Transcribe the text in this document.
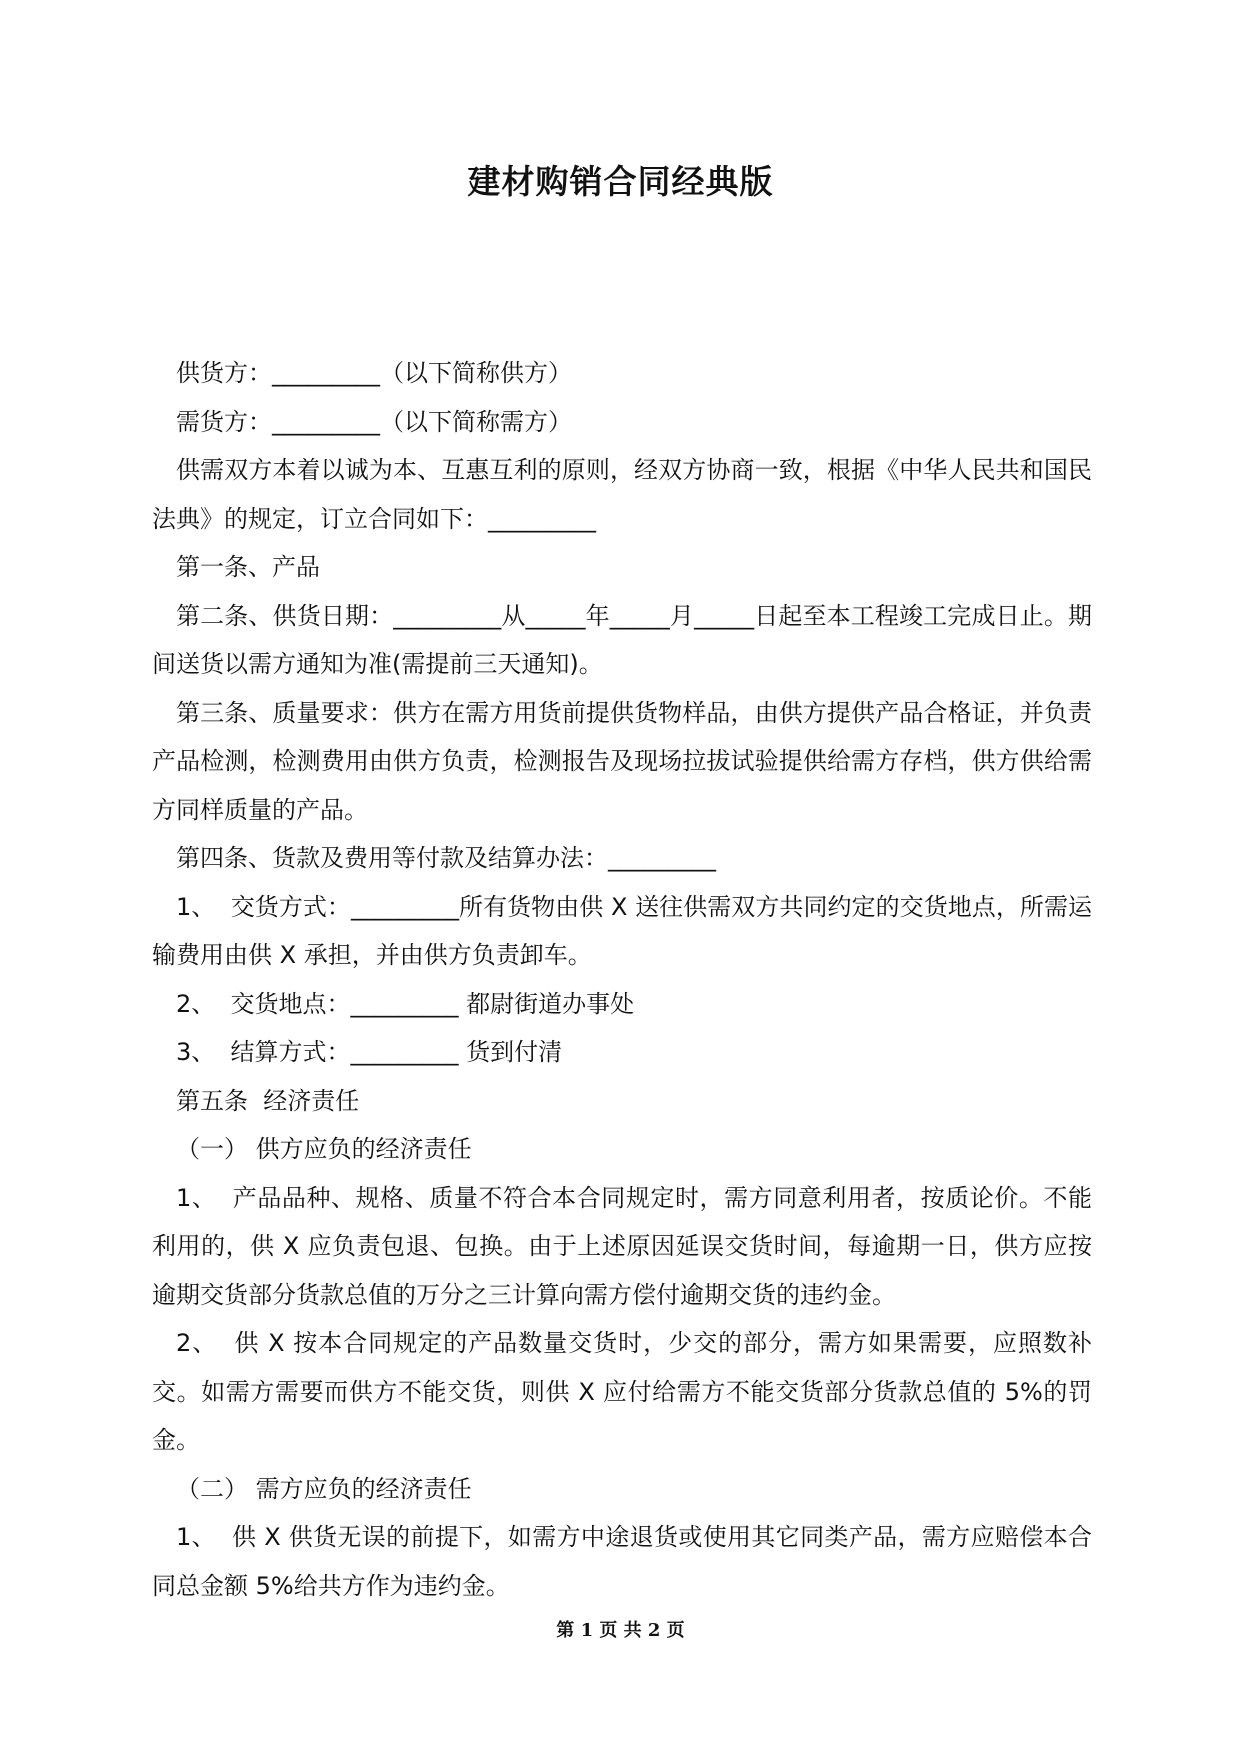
建材购销合同经典版

供货方：_________（以下简称供方）

需货方：_________（以下简称需方）

供需双方本着以诚为本、互惠互利的原则，经双方协商一致，根据《中华人民共和国民法典》的规定，订立合同如下：_________

第一条、产品

第二条、供货日期：_________从_____年_____月_____日起至本工程竣工完成日止。期间送货以需方通知为准(需提前三天通知)。

第三条、质量要求：供方在需方用货前提供货物样品，由供方提供产品合格证，并负责产品检测，检测费用由供方负责，检测报告及现场拉拔试验提供给需方存档，供方供给需方同样质量的产品。

第四条、货款及费用等付款及结算办法：_________

1、  交货方式：_________所有货物由供 X 送往供需双方共同约定的交货地点，所需运输费用由供 X 承担，并由供方负责卸车。

2、  交货地点：_________ 都尉街道办事处

3、  结算方式：_________ 货到付清

第五条  经济责任

（一） 供方应负的经济责任

1、  产品品种、规格、质量不符合本合同规定时，需方同意利用者，按质论价。不能利用的，供 X 应负责包退、包换。由于上述原因延误交货时间，每逾期一日，供方应按逾期交货部分货款总值的万分之三计算向需方偿付逾期交货的违约金。

2、  供 X 按本合同规定的产品数量交货时，少交的部分，需方如果需要，应照数补交。如需方需要而供方不能交货，则供 X 应付给需方不能交货部分货款总值的 5%的罚金。

（二） 需方应负的经济责任

1、  供 X 供货无误的前提下，如需方中途退货或使用其它同类产品，需方应赔偿本合同总金额 5%给共方作为违约金。

第 1 页 共 2 页
